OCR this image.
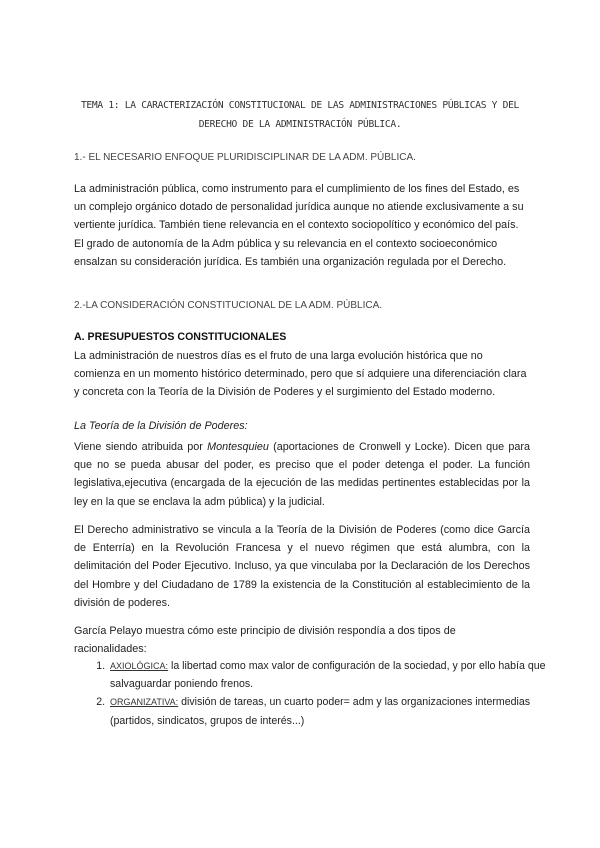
TEMA 1: LA CARACTERIZACIÓN CONSTITUCIONAL DE LAS ADMINISTRACIONES PÚBLICAS Y DEL DERECHO DE LA ADMINISTRACIÓN PÚBLICA.
1.- EL NECESARIO ENFOQUE PLURIDISCIPLINAR DE LA ADM. PÚBLICA.
La administración pública, como instrumento para el cumplimiento de los fines del Estado, es un complejo orgánico dotado de personalidad jurídica aunque no atiende exclusivamente a su vertiente jurídica. También tiene relevancia en el contexto sociopolítico y económico del país. El grado de autonomía de la Adm pública y su relevancia en el contexto socioeconómico ensalzan su consideración jurídica. Es también una organización regulada por el Derecho.
2.-LA CONSIDERACIÓN CONSTITUCIONAL DE LA ADM. PÚBLICA.
A. PRESUPUESTOS CONSTITUCIONALES
La administración de nuestros días es el fruto de una larga evolución histórica que no comienza en un momento histórico determinado, pero que sí adquiere una diferenciación clara y concreta con la Teoría de la División de Poderes y el surgimiento del Estado moderno.
La Teoría de la División de Poderes:
Viene siendo atribuida por Montesquieu (aportaciones de Cronwell y Locke). Dicen que para que no se pueda abusar del poder, es preciso que el poder detenga el poder. La función legislativa,ejecutiva (encargada de la ejecución de las medidas pertinentes establecidas por la ley en la que se enclava la adm pública) y la judicial.
El Derecho administrativo se vincula a la Teoría de la División de Poderes (como dice García de Enterría) en la Revolución Francesa y el nuevo régimen que está alumbra, con la delimitación del Poder Ejecutivo. Incluso, ya que vinculaba por la Declaración de los Derechos del Hombre y del Ciudadano de 1789 la existencia de la Constitución al establecimiento de la división de poderes.
García Pelayo muestra cómo este principio de división respondía a dos tipos de racionalidades:
1. AXIOLÓGICA: la libertad como max valor de configuración de la sociedad, y por ello había que salvaguardar poniendo frenos.
2. ORGANIZATIVA: división de tareas, un cuarto poder= adm y las organizaciones intermedias (partidos, sindicatos, grupos de interés...)
